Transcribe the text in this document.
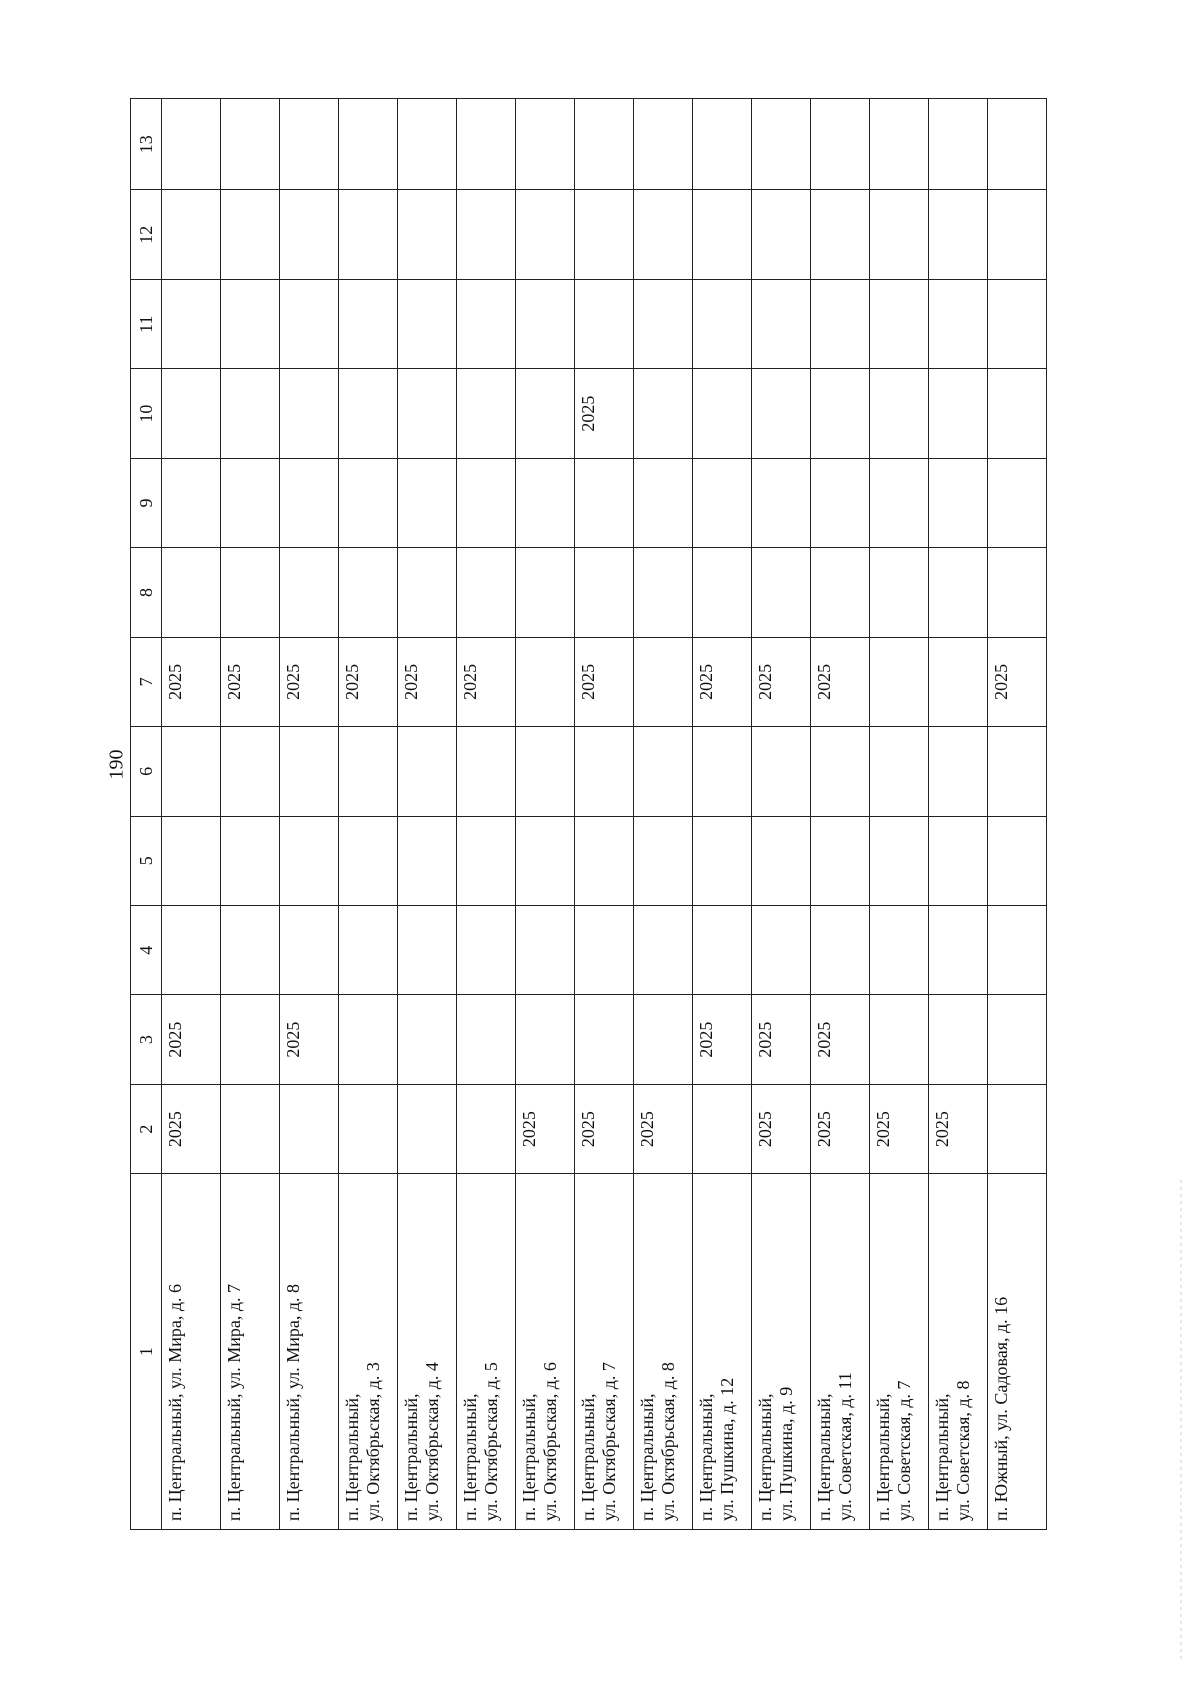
190
1	2	3	4	5	6	7	8	9	10	11	12	13

п. Центральный, ул. Мира, д. 6	2025	2025				2025						

п. Центральный, ул. Мира, д. 7						2025						

п. Центральный, ул. Мира, д. 8		2025				2025						

п. Центральный, ул. Октябрьская, д. 3						2025						

п. Центральный, ул. Октябрьская, д. 4						2025						

п. Центральный, ул. Октябрьская, д. 5						2025						

п. Центральный, ул. Октябрьская, д. 6	2025											

п. Центральный, ул. Октябрьская, д. 7	2025					2025			2025			

п. Центральный, ул. Октябрьская, д. 8	2025											

п. Центральный, ул. Пушкина, д. 12		2025				2025						

п. Центральный, ул. Пушкина, д. 9	2025	2025				2025						

п. Центральный, ул. Советская, д. 11	2025	2025				2025						

п. Центральный, ул. Советская, д. 7	2025											

п. Центральный, ул. Советская, д. 8	2025											

п. Южный, ул. Садовая, д. 16						2025						
